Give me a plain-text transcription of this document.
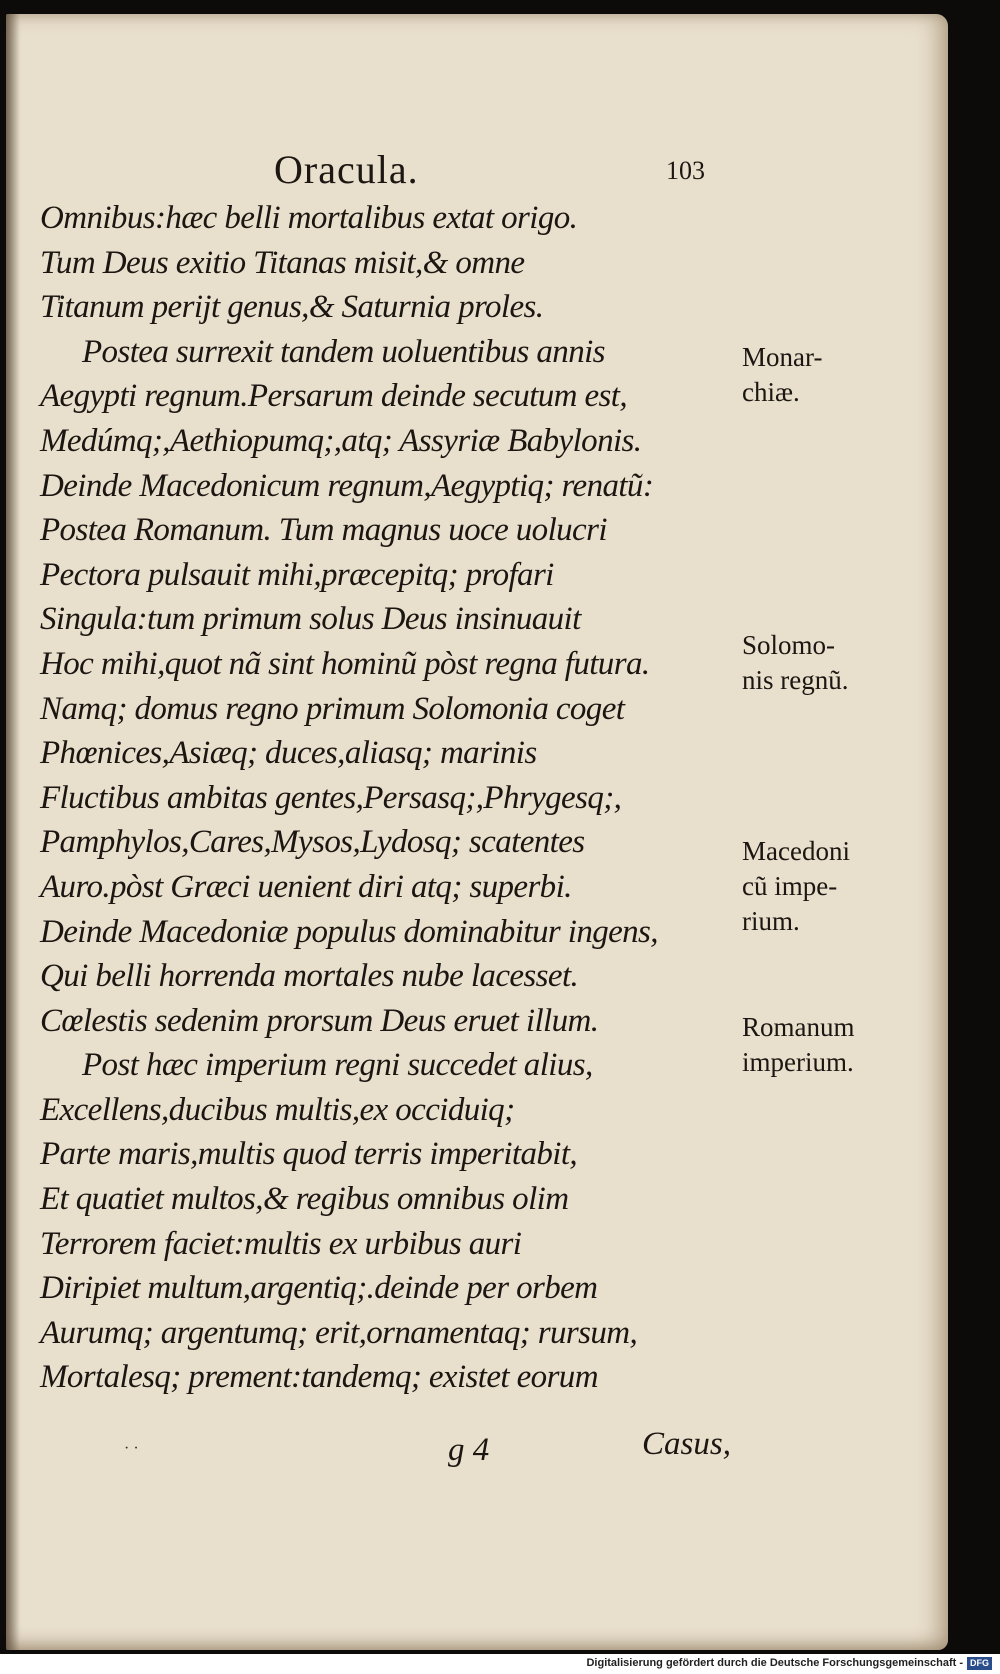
Oracula.	103
Omnibus:hæc belli mortalibus extat origo.
Tum Deus exitio Titanas misit,& omne
Titanum perijt genus,& Saturnia proles.
Postea surrexit tandem uoluentibus annis
Aegypti regnum.Persarum deinde secutum est,
Medúmq;,Aethiopumq;,atq; Assyriæ Babylonis.
Deinde Macedonicum regnum,Aegyptiq; renatũ:
Postea Romanum. Tum magnus uoce uolucri
Pectora pulsauit mihi,præcepitq; profari
Singula:tum primum solus Deus insinuauit
Hoc mihi,quot nã sint hominũ pòst regna futura.
Namq; domus regno primum Solomonia coget
Phœnices,Asiæq; duces,aliasq; marinis
Fluctibus ambitas gentes,Persasq;,Phrygesq;,
Pamphylos,Cares,Mysos,Lydosq; scatentes
Auro.pòst Græci uenient diri atq; superbi.
Deinde Macedoniæ populus dominabitur ingens,
Qui belli horrenda mortales nube lacesset.
Cœlestis sedenim prorsum Deus eruet illum.
Post hæc imperium regni succedet alius,
Excellens,ducibus multis,ex occiduiq;
Parte maris,multis quod terris imperitabit,
Et quatiet multos,& regibus omnibus olim
Terrorem faciet:multis ex urbibus auri
Diripiet multum,argentiq;.deinde per orbem
Aurumq; argentumq; erit,ornamentaq; rursum,
Mortalesq; prement:tandemq; existet eorum
Monar-
chiæ.
Solomo-
nis regnũ.
Macedoni
cũ impe-
rium.
Romanum
imperium.
g 4	Casus,
· ·
Digitalisierung gefördert durch die Deutsche Forschungsgemeinschaft - DFG
